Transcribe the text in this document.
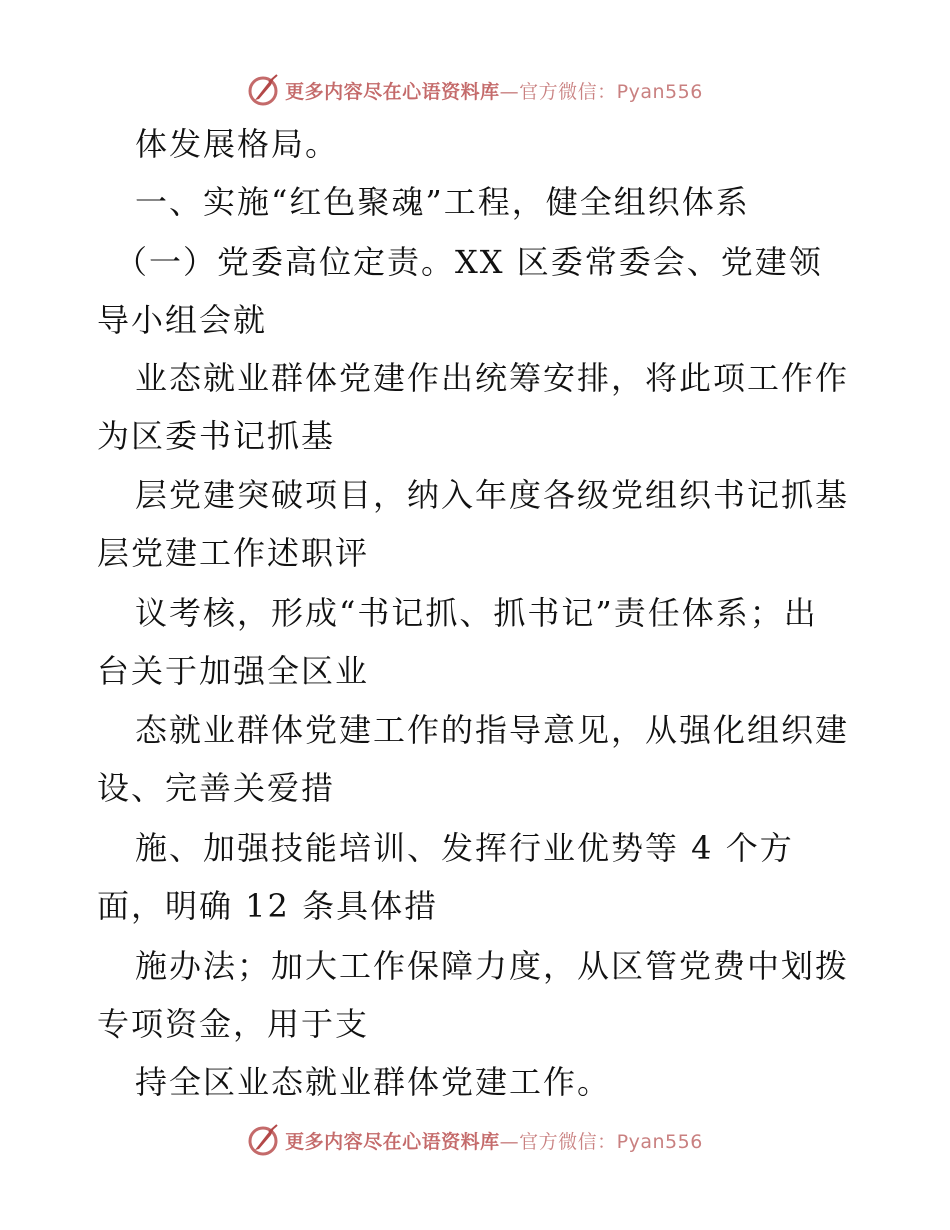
更多内容尽在心语资料库—官方微信：Pyan556
体发展格局。
一、实施“红色聚魂”工程，健全组织体系
（一）党委高位定责。XX 区委常委会、党建领
导小组会就
业态就业群体党建作出统筹安排，将此项工作作
为区委书记抓基
层党建突破项目，纳入年度各级党组织书记抓基
层党建工作述职评
议考核，形成“书记抓、抓书记”责任体系；出
台关于加强全区业
态就业群体党建工作的指导意见，从强化组织建
设、完善关爱措
施、加强技能培训、发挥行业优势等 4 个方
面，明确 12 条具体措
施办法；加大工作保障力度，从区管党费中划拨
专项资金，用于支
持全区业态就业群体党建工作。
更多内容尽在心语资料库—官方微信：Pyan556
